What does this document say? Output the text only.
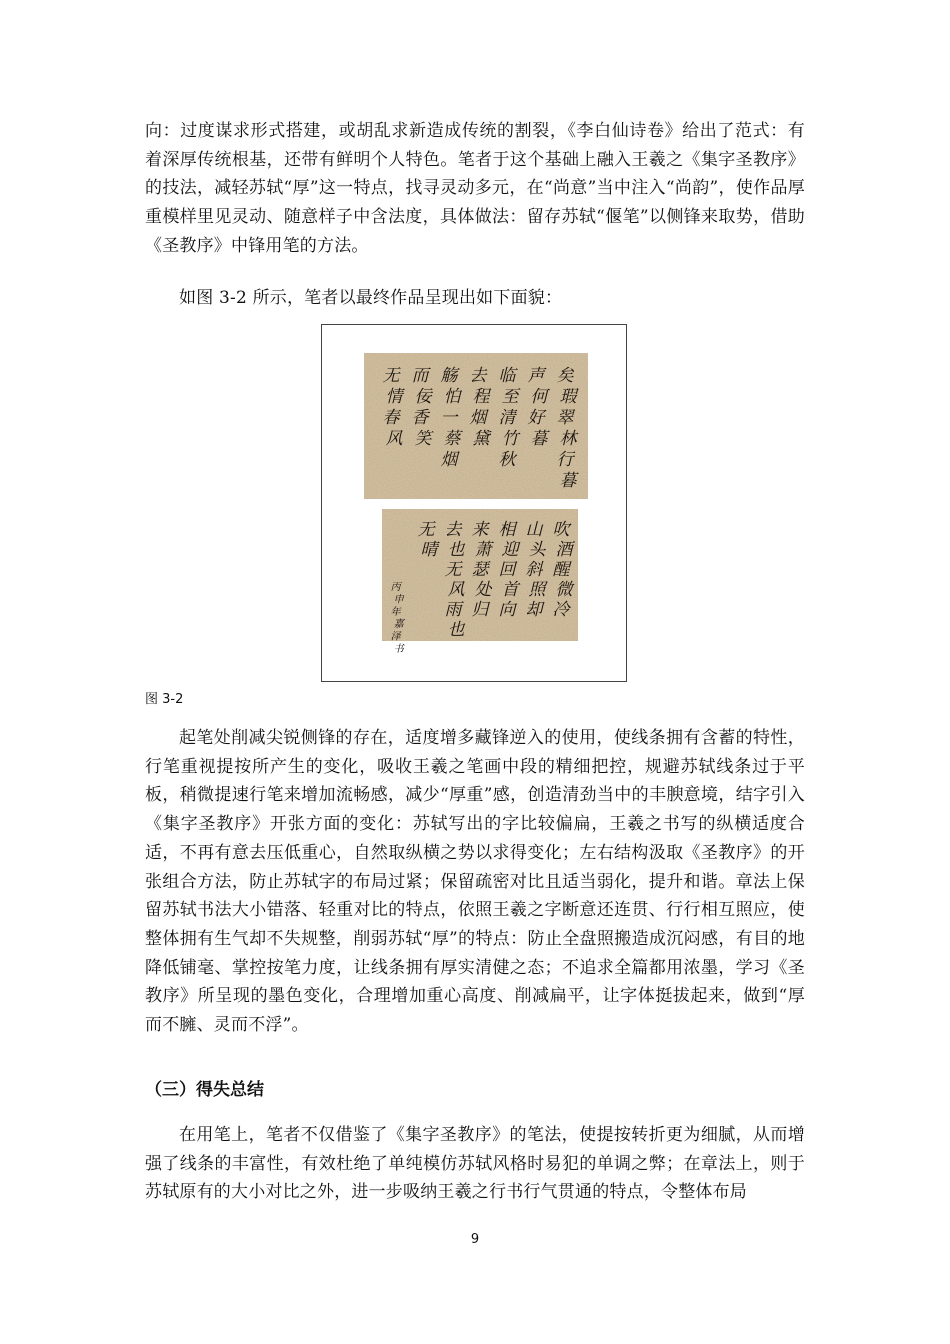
向：过度谋求形式搭建，或胡乱求新造成传统的割裂，《李白仙诗卷》给出了范式：有着深厚传统根基，还带有鲜明个人特色。笔者于这个基础上融入王羲之《集字圣教序》的技法，减轻苏轼“厚”这一特点，找寻灵动多元，在“尚意”当中注入“尚韵”，使作品厚重模样里见灵动、随意样子中含法度，具体做法：留存苏轼“偃笔”以侧锋来取势，借助《圣教序》中锋用笔的方法。

如图 3-2 所示，笔者以最终作品呈现出如下面貌：

矣瑕翠林行暮
声何好暮
临至清竹秋
去程烟黛
觞怕一蔡烟
而佞香笑
无情春风
吹酒醒微冷
山头斜照却
相迎回首向
来萧瑟处归
去也无风雨也
无晴
丙申年嘉泽书

图 3-2

起笔处削减尖锐侧锋的存在，适度增多藏锋逆入的使用，使线条拥有含蓄的特性，行笔重视提按所产生的变化，吸收王羲之笔画中段的精细把控，规避苏轼线条过于平板，稍微提速行笔来增加流畅感，减少“厚重”感，创造清劲当中的丰腴意境，结字引入《集字圣教序》开张方面的变化：苏轼写出的字比较偏扁，王羲之书写的纵横适度合适，不再有意去压低重心，自然取纵横之势以求得变化；左右结构汲取《圣教序》的开张组合方法，防止苏轼字的布局过紧；保留疏密对比且适当弱化，提升和谐。章法上保留苏轼书法大小错落、轻重对比的特点，依照王羲之字断意还连贯、行行相互照应，使整体拥有生气却不失规整，削弱苏轼“厚”的特点：防止全盘照搬造成沉闷感，有目的地降低铺毫、掌控按笔力度，让线条拥有厚实清健之态；不追求全篇都用浓墨，学习《圣教序》所呈现的墨色变化，合理增加重心高度、削减扁平，让字体挺拔起来，做到“厚而不臃、灵而不浮”。

（三）得失总结

在用笔上，笔者不仅借鉴了《集字圣教序》的笔法，使提按转折更为细腻，从而增强了线条的丰富性，有效杜绝了单纯模仿苏轼风格时易犯的单调之弊；在章法上，则于苏轼原有的大小对比之外，进一步吸纳王羲之行书行气贯通的特点，令整体布局

9
